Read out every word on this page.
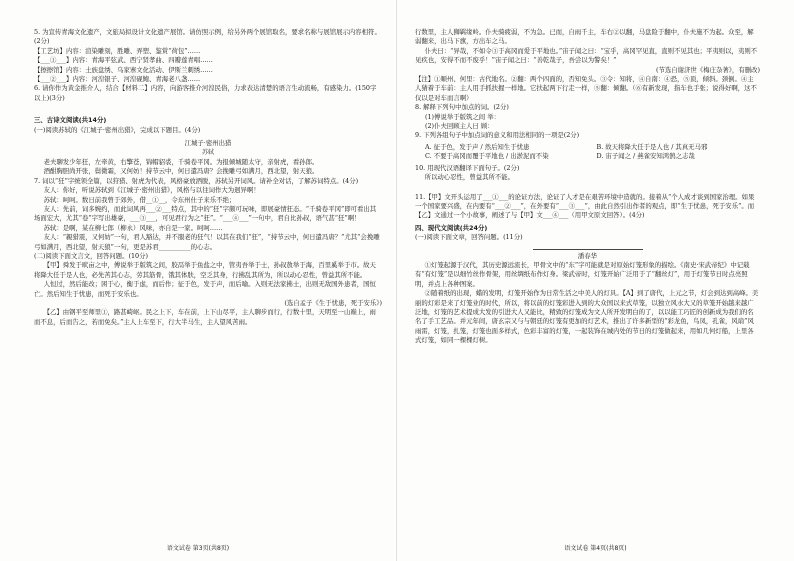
5. 为宣传青海文化遗产，文旅局拟设计文化遗产展馆。请仿照示例，给另外两个展馆取名，要求名称与展馆展示内容相符。(2分)

【工艺坊】内容：渲染雕刻，胜雕、弄塑、鉴赏“荷包”……

【___①___】内容：青海平弦武、西宁贤孝曲、四瓣莲青唱……

【擦擦馆】内容：土族盘绣、乌家寨文化活动、伊斯兰刺绣……

【___②___】内容：河湟银子、河湟砚鲍、青海老八盏……

6. 请你作为黄金推介人，结合【材料二】内容，向游客推介河湟民俗，力求表达清楚的语言生动流畅，有感染力。(150字以上)(3分)

三、古诗文阅读(共14分)

(一)阅读苏轼的《江城子·密州出猎》，完成以下题目。(4分)

江城子·密州出猎

苏轼

老夫聊发少年狂，左牵黄，右擎苍，锦帽貂裘，千骑卷平冈。为报倾城随太守，亲射虎，看孙郎。

酒酣胸胆尚开张，鬓微霜，又何妨！持节云中，何日遣冯唐？会挽雕弓如满月，西北望，射天狼。

7. 词以“狂”字统领全篇，以狩猎、射虎为代表，风格豪放洒脱，苏轼另开词风。请补全对话，了解苏词特点。(4分)

友人：你好，听说苏轼到《江城子·密州出猎》，风格与以往词作大为迥异啊！

苏轼：呵呵。数日前我曾于郊外，借__①__，令东州仕子来乐不绝；

友人：先前，词多婉约，而此词风再___②___特点，其中的“狂”字颇可玩味，即展豪情狂态。“千骑卷平冈”即可看出其场面宏大，尤其“卷”字写出雄豪，___③___，可见君行为之“狂”。“___④___”一句中，君自比孙叔，语气甚“狂”啊！

苏轼：是啊，某在柳七郎（柳永）风味，亦自是一家。呵呵……

友人：“親猎震，又何妨”一句，君人豁达，并不服老的狂气！以其在我们“狂”，“持节云中，何日遣冯唐？”尤其“会挽雕弓如满月，西北望，射天狼”一句，更是苏君__________的心志。

(二)阅读下面文言文，回答问题。(10分)

【甲】舜发于畎亩之中，傅说举于版筑之间，胶鬲举于鱼盐之中，管夷吾举于士，孙叔敖举于海，百里奚举于市。故天将降大任于是人也，必先苦其心志，劳其筋骨，饿其体肤，空乏其身，行拂乱其所为，所以动心忍性，曾益其所不能。

人恒过，然后能改；困于心，衡于虑，而后作；征于色，发于声，而后喻。入则无法家拂士，出则无敌国外患者，国恒亡。然后知生于忧患，而死于安乐也。

(选自孟子《生于忧患，死于安乐》)

【乙】由钢平至师里①，路甚崎岖。民之上下，车在前，上下山尽平，主人聊步而行，行数十里，天明至一山巅上，雨而不息，后而告之，若而免矣。”主人上车至下，行大半马生，主人望风苦雨。

语文试卷 第3页(共8页)

行数里，主人狮羁缘岭。仆夫骑疲弱，不为急。已而，自雨千主，车右②以翻，马盘险于翻中，仆夫施不为起。众至，解弱翻来，出马下旗，方出车之马。

仆夫曰：“异哉，不如令③于高冈而爱于平地也。”宙子闻之曰：“宝乎，高冈罕见直，直则不见其也；平夷则以，夷则不见疾也，安得不而不废乎！”宙子闻之曰：“善乾哉子，吾尝以为警矣！”

(节选自谢济世《梅庄杂著》，有删改)

【注】①顺州、何里：古代地名。②翻：两个四面的，否知免头。③令：知将，④自南：④恐，⑤顶，倾斜。颈倒。④主人猜着于车前：主人用手抓扶握一样地。它扶起两下行走一样，⑤翻：倾翻。（⑥有新发现，指车也手张；说得好啊，这不仅以是对车而言啊）

8. 解释下列句中加点的词。(2分)

(1)傅说举于版筑之间 举：

(2)仆夫回顾主人曰 顾：

9. 下列各组句子中加点词的意义和用法相同的一项是(2分)

A. 征于色，发于声 / 然后知生于忧患	B. 故天将降大任于是人也 / 其真无马邪

C. 不要于高冈而覆于平地也 / 出淤泥而不染	D. 宙子闻之 / 燕雀安知鸿鹄之志哉

10. 用现代汉语翻译下面句子。(2分)

所以动心忍性，曾益其所不能。

11.【甲】文开头运用了___①___的论证方法，论证了人才是在艰苦环境中造就的。接着从“个人成才谈到国家治理。如果一个国家要兴盛，在内要有“___②___”，在外要有“___③___”，由此自然引出作者的观点，即“生于忧患，死于安乐”。而【乙】文通过一个小故事，阐述了与【甲】文___④___（用甲文原文回答）。(4分)

四、现代文阅读(共24分)

(一)阅读下面文章，回答问题。(11分)

潘春华

①灯笼起源于汉代，其历史源远流长，甲骨文中的“东”字可能就是对原始灯笼形象的描绘。《南史·宋武帝纪》中记载有“有灯笼”是以细竹丝作骨架，用丝绸纸布作灯身。梁武帝时，灯笼开始广泛用于了“翻丝灯”，用于灯笼节日时点亮照明，并点上各种图案。

②随着纸的出现，蜡的发明，灯笼开始作为日常生活之中美人的灯具。【A】到了唐代，上元之节，灯会到达到高峰。美丽的灯彩是来了灯笼业的时代，所以，将以前的灯笼彩进入到的大众国以来式草笼，以独立风水大又的草笼开始越来越广泛地，灯笼的艺术提成大发的引进大人又能比，精致的灯笼成为文人所开发明白的了，以以能工巧匠的创新成为我们的名名了手工艺品。并元年间，唐玄宗又与与朝廷的灯笼有更加的灯艺术，推出了许多新型的“彩龙鱼，鸟凤，孔雀，风扇”风雨雷，灯笼，扎笼，灯笼也面多样式，色彩丰富的灯笼，一起装饰在城内处的节日的灯笼做起来，用如几何灯船，上里各式灯笼，如同一棵棵灯树。

语文试卷 第4页(共8页)
